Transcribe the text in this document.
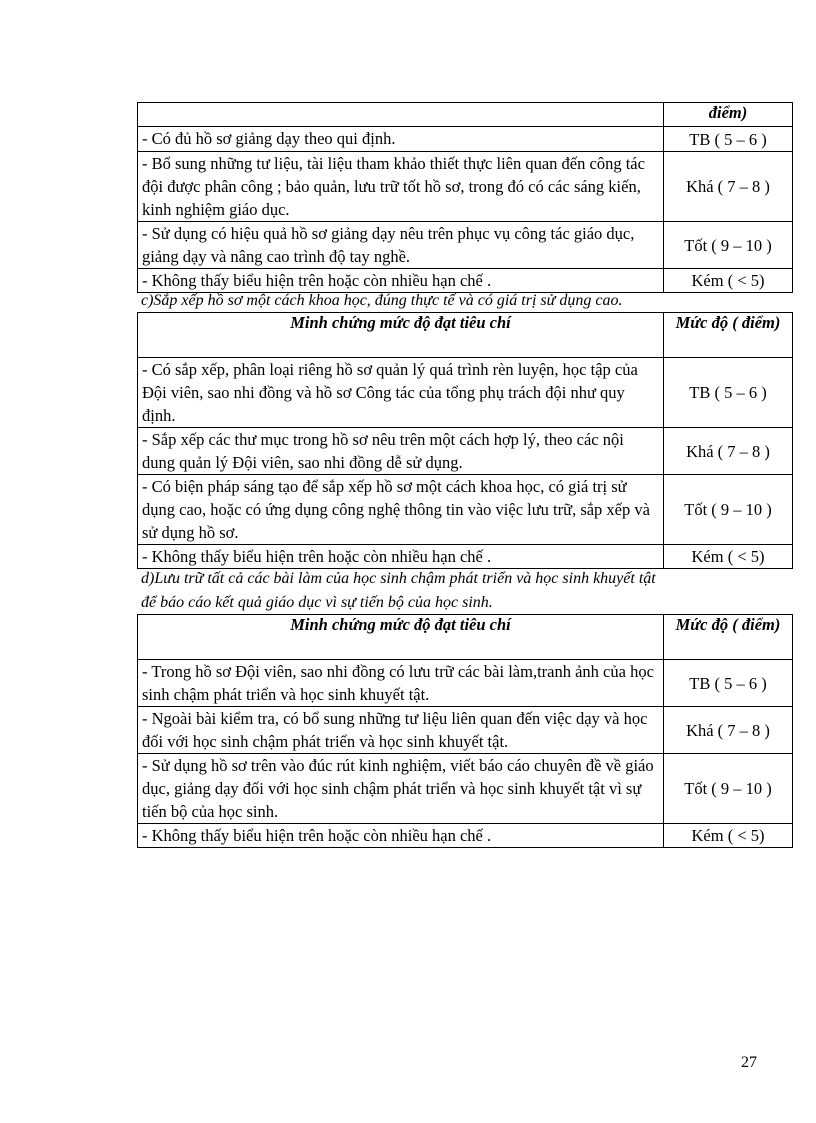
	điểm)
- Có đủ hồ sơ giảng dạy theo qui định.	TB ( 5 – 6 )
- Bổ sung những tư liệu, tài liệu tham khảo thiết thực liên quan đến công tác đội được phân công ; bảo quản, lưu trữ tốt hồ sơ, trong đó có các sáng kiến, kinh nghiệm giáo dục.	Khá ( 7 – 8 )
- Sử dụng có hiệu quả hồ sơ giảng dạy nêu trên phục vụ công tác giáo dục, giảng dạy và nâng cao trình độ tay nghề.	Tốt ( 9 – 10 )
- Không thấy biểu hiện trên hoặc còn nhiều hạn chế .	Kém ( < 5)
c)Sắp xếp hồ sơ một cách khoa học, đúng thực tế và có giá trị sử dụng cao.
Minh chứng mức độ đạt tiêu chí	Mức độ ( điểm)
- Có sắp xếp, phân loại riêng hồ sơ quản lý quá trình rèn luyện, học tập của Đội viên, sao nhi đồng và hồ sơ Công tác của tổng phụ trách đội như quy định.	TB ( 5 – 6 )
- Sắp xếp các thư mục trong hồ sơ nêu trên một cách hợp lý, theo các nội dung quản lý Đội viên, sao nhi đồng dễ sử dụng.	Khá ( 7 – 8 )
- Có biện pháp sáng tạo để sắp xếp hồ sơ một cách khoa học, có giá trị sử dụng cao, hoặc có ứng dụng công nghệ thông tin vào việc lưu trữ, sắp xếp và sử dụng hồ sơ.	Tốt ( 9 – 10 )
- Không thấy biểu hiện trên hoặc còn nhiều hạn chế .	Kém ( < 5)
d)Lưu trữ tất cả các bài làm của học sinh chậm phát triển và học sinh khuyết tật
để báo cáo kết quả giáo dục vì sự tiến bộ của học sinh.
Minh chứng mức độ đạt tiêu chí	Mức độ ( điểm)
- Trong hồ sơ Đội viên, sao nhi đồng có lưu trữ các bài làm,tranh ảnh của học sinh chậm phát triển và học sinh khuyết tật.	TB ( 5 – 6 )
- Ngoài bài kiểm tra, có bổ sung những tư liệu liên quan đến việc dạy và học đối với học sinh chậm phát triển và học sinh khuyết tật.	Khá ( 7 – 8 )
- Sử dụng hồ sơ trên vào đúc rút kinh nghiệm, viết báo cáo chuyên đề về giáo dục, giảng dạy đối với học sinh chậm phát triển và học sinh khuyết tật vì sự tiến bộ của học sinh.	Tốt ( 9 – 10 )
- Không thấy biểu hiện trên hoặc còn nhiều hạn chế .	Kém ( < 5)
27
